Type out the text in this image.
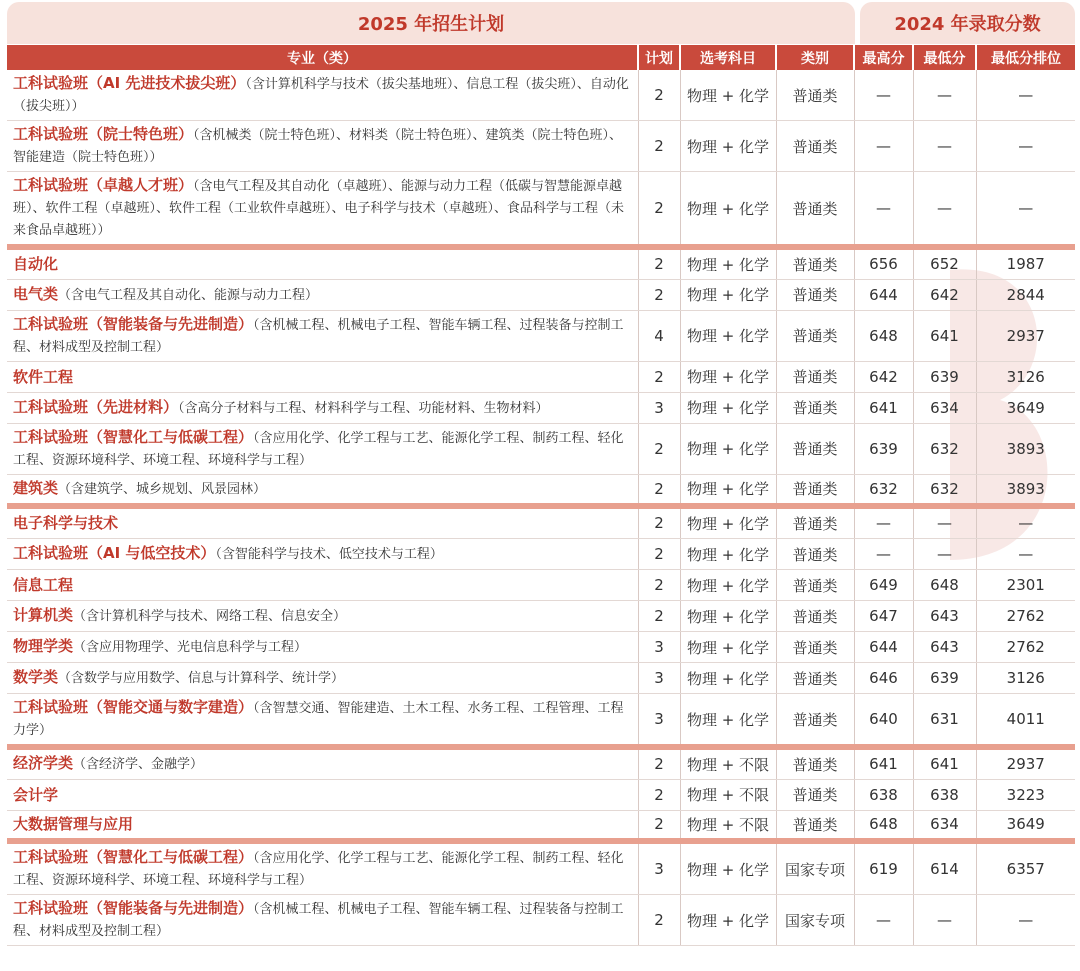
2025 年招生计划	2024 年录取分数
专业（类）	计划	选考科目	类别	最高分	最低分	最低分排位
工科试验班（AI 先进技术拔尖班）（含计算机科学与技术（拔尖基地班）、信息工程（拔尖班）、自动化（拔尖班））	2	物理 + 化学	普通类	—	—	—
工科试验班（院士特色班）（含机械类（院士特色班）、材料类（院士特色班）、建筑类（院士特色班）、智能建造（院士特色班））	2	物理 + 化学	普通类	—	—	—
工科试验班（卓越人才班）（含电气工程及其自动化（卓越班）、能源与动力工程（低碳与智慧能源卓越班）、软件工程（卓越班）、软件工程（工业软件卓越班）、电子科学与技术（卓越班）、食品科学与工程（未来食品卓越班））	2	物理 + 化学	普通类	—	—	—
自动化	2	物理 + 化学	普通类	656	652	1987
电气类（含电气工程及其自动化、能源与动力工程）	2	物理 + 化学	普通类	644	642	2844
工科试验班（智能装备与先进制造）（含机械工程、机械电子工程、智能车辆工程、过程装备与控制工程、材料成型及控制工程）	4	物理 + 化学	普通类	648	641	2937
软件工程	2	物理 + 化学	普通类	642	639	3126
工科试验班（先进材料）（含高分子材料与工程、材料科学与工程、功能材料、生物材料）	3	物理 + 化学	普通类	641	634	3649
工科试验班（智慧化工与低碳工程）（含应用化学、化学工程与工艺、能源化学工程、制药工程、轻化工程、资源环境科学、环境工程、环境科学与工程）	2	物理 + 化学	普通类	639	632	3893
建筑类（含建筑学、城乡规划、风景园林）	2	物理 + 化学	普通类	632	632	3893
电子科学与技术	2	物理 + 化学	普通类	—	—	—
工科试验班（AI 与低空技术）（含智能科学与技术、低空技术与工程）	2	物理 + 化学	普通类	—	—	—
信息工程	2	物理 + 化学	普通类	649	648	2301
计算机类（含计算机科学与技术、网络工程、信息安全）	2	物理 + 化学	普通类	647	643	2762
物理学类（含应用物理学、光电信息科学与工程）	3	物理 + 化学	普通类	644	643	2762
数学类（含数学与应用数学、信息与计算科学、统计学）	3	物理 + 化学	普通类	646	639	3126
工科试验班（智能交通与数字建造）（含智慧交通、智能建造、土木工程、水务工程、工程管理、工程力学）	3	物理 + 化学	普通类	640	631	4011
经济学类（含经济学、金融学）	2	物理 + 不限	普通类	641	641	2937
会计学	2	物理 + 不限	普通类	638	638	3223
大数据管理与应用	2	物理 + 不限	普通类	648	634	3649
工科试验班（智慧化工与低碳工程）（含应用化学、化学工程与工艺、能源化学工程、制药工程、轻化工程、资源环境科学、环境工程、环境科学与工程）	3	物理 + 化学	国家专项	619	614	6357
工科试验班（智能装备与先进制造）（含机械工程、机械电子工程、智能车辆工程、过程装备与控制工程、材料成型及控制工程）	2	物理 + 化学	国家专项	—	—	—
